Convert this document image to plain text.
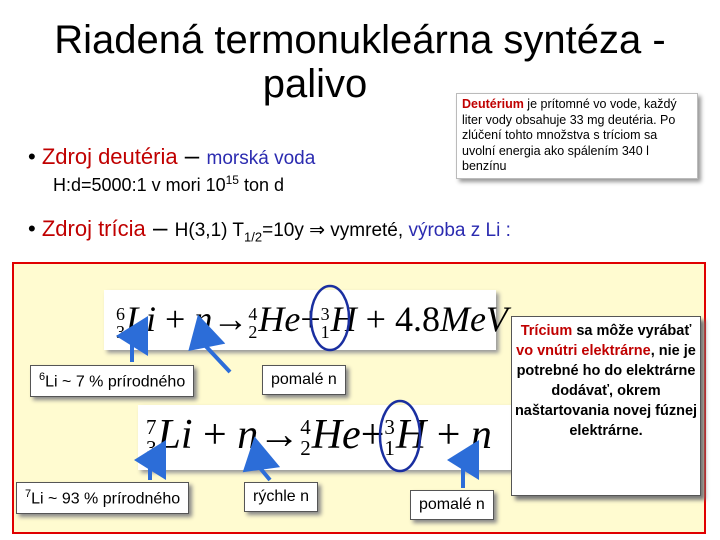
Riadená termonukleárna syntéza -
palivo	Deutérium je prítomné vo vode, každý liter vody obsahuje 33 mg deutéria. Po zlúčení tohto množstva s tríciom sa uvolní energia ako spálením 340 l benzínu
• Zdroj deutéria – morská voda
H:d=5000:1 v mori $10^{15}$ ton d
• Zdroj trícia – H(3,1) $T_{1/2}=10y$ ⇒ vymreté, výroba z Li :
6
3 Li + n→ 4
2 He+ 3
1 H + 4.8MeV
7
3 Li + n→ 4
2 He+ 3
1 H + n
$^6$Li ~ 7 % prírodného	pomalé n
$^7$Li ~ 93 % prírodného	rýchle n	pomalé n
Trícium sa môže vyrábať vo vnútri elektrárne, nie je potrebné ho do elektrárne dodávať, okrem naštartovania novej fúznej elektrárne.
